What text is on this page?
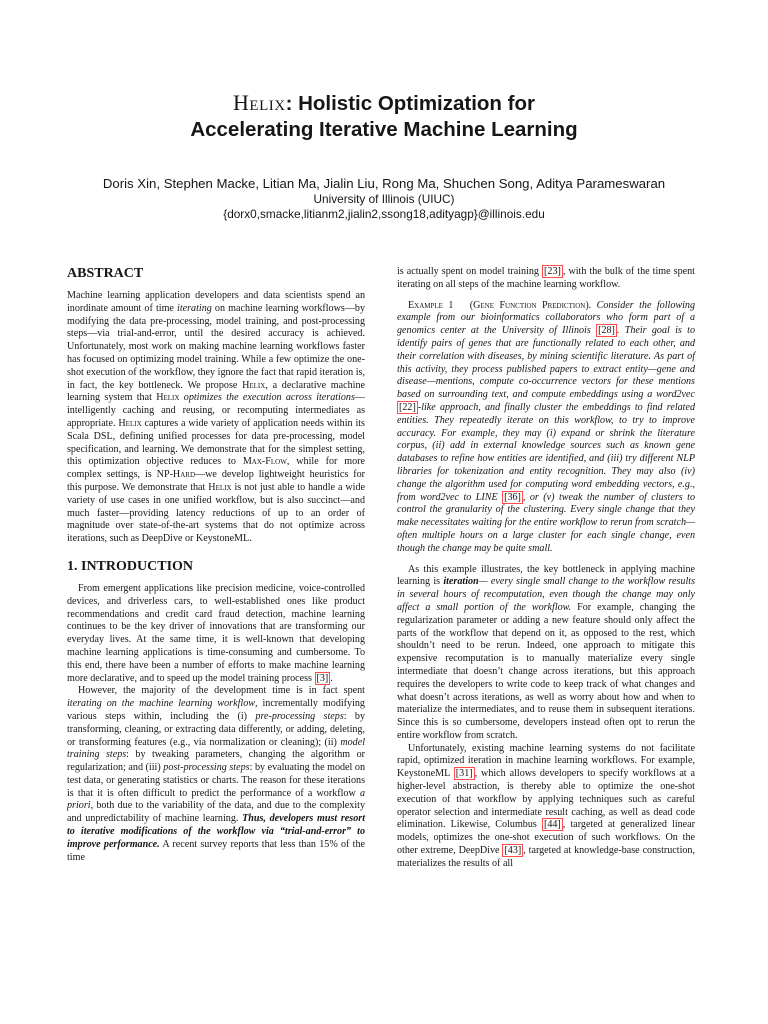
Helix: Holistic Optimization for
Accelerating Iterative Machine Learning
Doris Xin, Stephen Macke, Litian Ma, Jialin Liu, Rong Ma, Shuchen Song, Aditya Parameswaran
University of Illinois (UIUC)
{dorx0,smacke,litianm2,jialin2,ssong18,adityagp}@illinois.edu
ABSTRACT

Machine learning application developers and data scientists spend an inordinate amount of time iterating on machine learning workflows—by modifying the data pre-processing, model training, and post-processing steps—via trial-and-error, until the desired accuracy is achieved. Unfortunately, most work on making machine learning workflows faster has focused on optimizing model training. While a few optimize the one-shot execution of the workflow, they ignore the fact that rapid iteration is, in fact, the key bottleneck. We propose Helix, a declarative machine learning system that Helix optimizes the execution across iterations—intelligently caching and reusing, or recomputing intermediates as appropriate. Helix captures a wide variety of application needs within its Scala DSL, defining unified processes for data pre-processing, model specification, and learning. We demonstrate that for the simplest setting, this optimization objective reduces to Max-Flow, while for more complex settings, is NP-Hard—we develop lightweight heuristics for this purpose. We demonstrate that Helix is not just able to handle a wide variety of use cases in one unified workflow, but is also succinct—and much faster—providing latency reductions of up to an order of magnitude over state-of-the-art systems that do not optimize across iterations, such as DeepDive or KeystoneML.

1. INTRODUCTION

From emergent applications like precision medicine, voice-controlled devices, and driverless cars, to well-established ones like product recommendations and credit card fraud detection, machine learning continues to be the key driver of innovations that are transforming our everyday lives. At the same time, it is well-known that developing machine learning applications is time-consuming and cumbersome. To this end, there have been a number of efforts to make machine learning more declarative, and to speed up the model training process [3] .

However, the majority of the development time is in fact spent iterating on the machine learning workflow, incrementally modifying various steps within, including the (i) pre-processing steps: by transforming, cleaning, or extracting data differently, or adding, deleting, or transforming features (e.g., via normalization or cleaning); (ii) model training steps: by tweaking parameters, changing the algorithm or regularization; and (iii) post-processing steps: by evaluating the model on test data, or generating statistics or charts. The reason for these iterations is that it is often difficult to predict the performance of a workflow a priori, both due to the variability of the data, and due to the complexity and unpredictability of machine learning. Thus, developers must resort to iterative modifications of the workflow via “trial-and-error” to improve performance. A recent survey reports that less than 15% of the time

is actually spent on model training [23] , with the bulk of the time spent iterating on all steps of the machine learning workflow.

Example 1 (Gene Function Prediction). Consider the following example from our bioinformatics collaborators who form part of a genomics center at the University of Illinois [28] . Their goal is to identify pairs of genes that are functionally related to each other, and their correlation with diseases, by mining scientific literature. As part of this activity, they process published papers to extract entity—gene and disease—mentions, compute co-occurrence vectors for these mentions based on surrounding text, and compute embeddings using a word2vec [22] -like approach, and finally cluster the embeddings to find related entities. They repeatedly iterate on this workflow, to try to improve accuracy. For example, they may (i) expand or shrink the literature corpus, (ii) add in external knowledge sources such as known gene databases to refine how entities are identified, and (iii) try different NLP libraries for tokenization and entity recognition. They may also (iv) change the algorithm used for computing word embedding vectors, e.g., from word2vec to LINE [36] , or (v) tweak the number of clusters to control the granularity of the clustering. Every single change that they make necessitates waiting for the entire workflow to rerun from scratch—often multiple hours on a large cluster for each single change, even though the change may be quite small.

As this example illustrates, the key bottleneck in applying machine learning is iteration— every single small change to the workflow results in several hours of recomputation, even though the change may only affect a small portion of the workflow. For example, changing the regularization parameter or adding a new feature should only affect the parts of the workflow that depend on it, as opposed to the rest, which shouldn’t need to be rerun. Indeed, one approach to mitigate this expensive recomputation is to manually materialize every single intermediate that doesn’t change across iterations, but this approach requires the developers to write code to keep track of what changes and what doesn’t across iterations, as well as worry about how and when to materialize the intermediates, and to reuse them in subsequent iterations. Since this is so cumbersome, developers instead often opt to rerun the entire workflow from scratch.

Unfortunately, existing machine learning systems do not facilitate rapid, optimized iteration in machine learning workflows. For example, KeystoneML [31] , which allows developers to specify workflows at a higher-level abstraction, is thereby able to optimize the one-shot execution of that workflow by applying techniques such as careful operator selection and intermediate result caching, as well as dead code elimination. Likewise, Columbus [44] , targeted at generalized linear models, optimizes the one-shot execution of such workflows. On the other extreme, DeepDive [43] , targeted at knowledge-base construction, materializes the results of all
